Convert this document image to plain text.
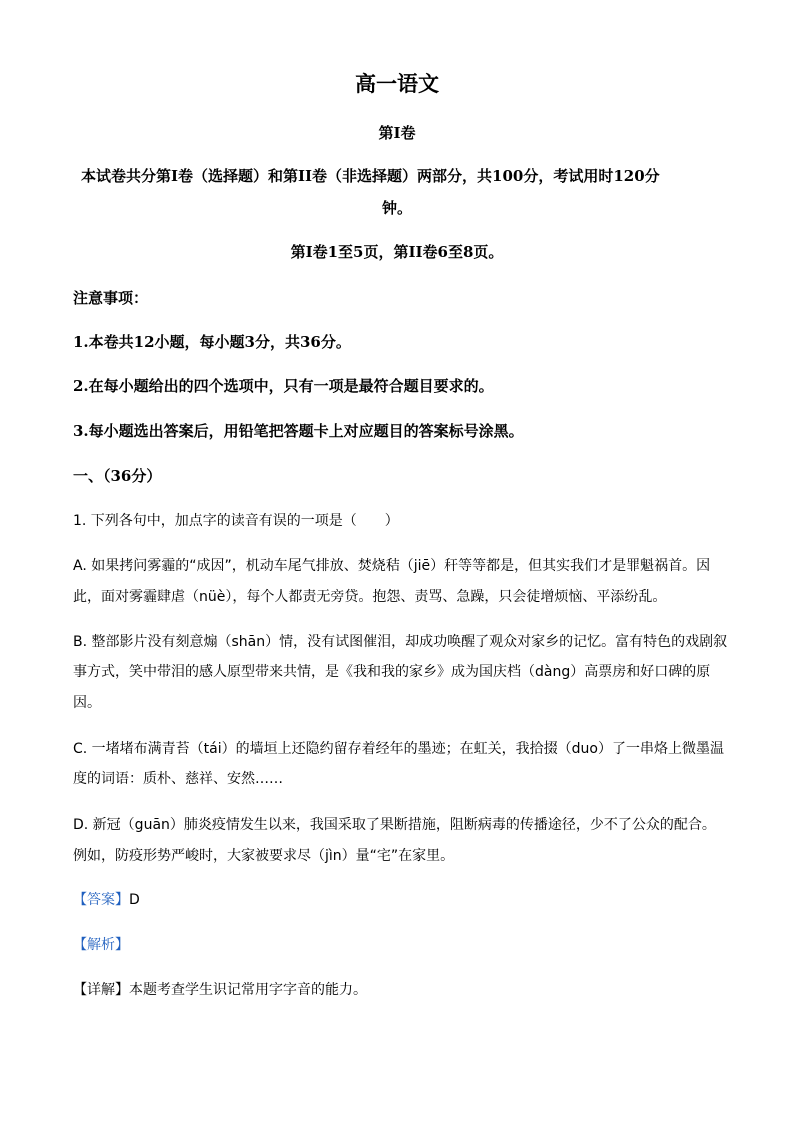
高一语文
第I卷
本试卷共分第I卷（选择题）和第II卷（非选择题）两部分，共100分，考试用时120分
钟。
第I卷1至5页，第II卷6至8页。
注意事项：
1.本卷共12小题，每小题3分，共36分。
2.在每小题给出的四个选项中，只有一项是最符合题目要求的。
3.每小题选出答案后，用铅笔把答题卡上对应题目的答案标号涂黑。
一、（36分）
1. 下列各句中，加点字的读音有误的一项是（　　）
A. 如果拷问雾霾的“成因”，机动车尾气排放、焚烧秸（jiē）秆等等都是，但其实我们才是罪魁祸首。因
此，面对雾霾肆虐（nüè），每个人都责无旁贷。抱怨、责骂、急躁，只会徒增烦恼、平添纷乱。
B. 整部影片没有刻意煽（shān）情，没有试图催泪，却成功唤醒了观众对家乡的记忆。富有特色的戏剧叙
事方式，笑中带泪的感人原型带来共情，是《我和我的家乡》成为国庆档（dàng）高票房和好口碑的原
因。
C. 一堵堵布满青苔（tái）的墙垣上还隐约留存着经年的墨迹；在虹关，我拾掇（duo）了一串烙上微墨温
度的词语：质朴、慈祥、安然……
D. 新冠（guān）肺炎疫情发生以来，我国采取了果断措施，阻断病毒的传播途径，少不了公众的配合。
例如，防疫形势严峻时，大家被要求尽（jìn）量“宅”在家里。
【答案】D
【解析】
【详解】本题考查学生识记常用字字音的能力。
